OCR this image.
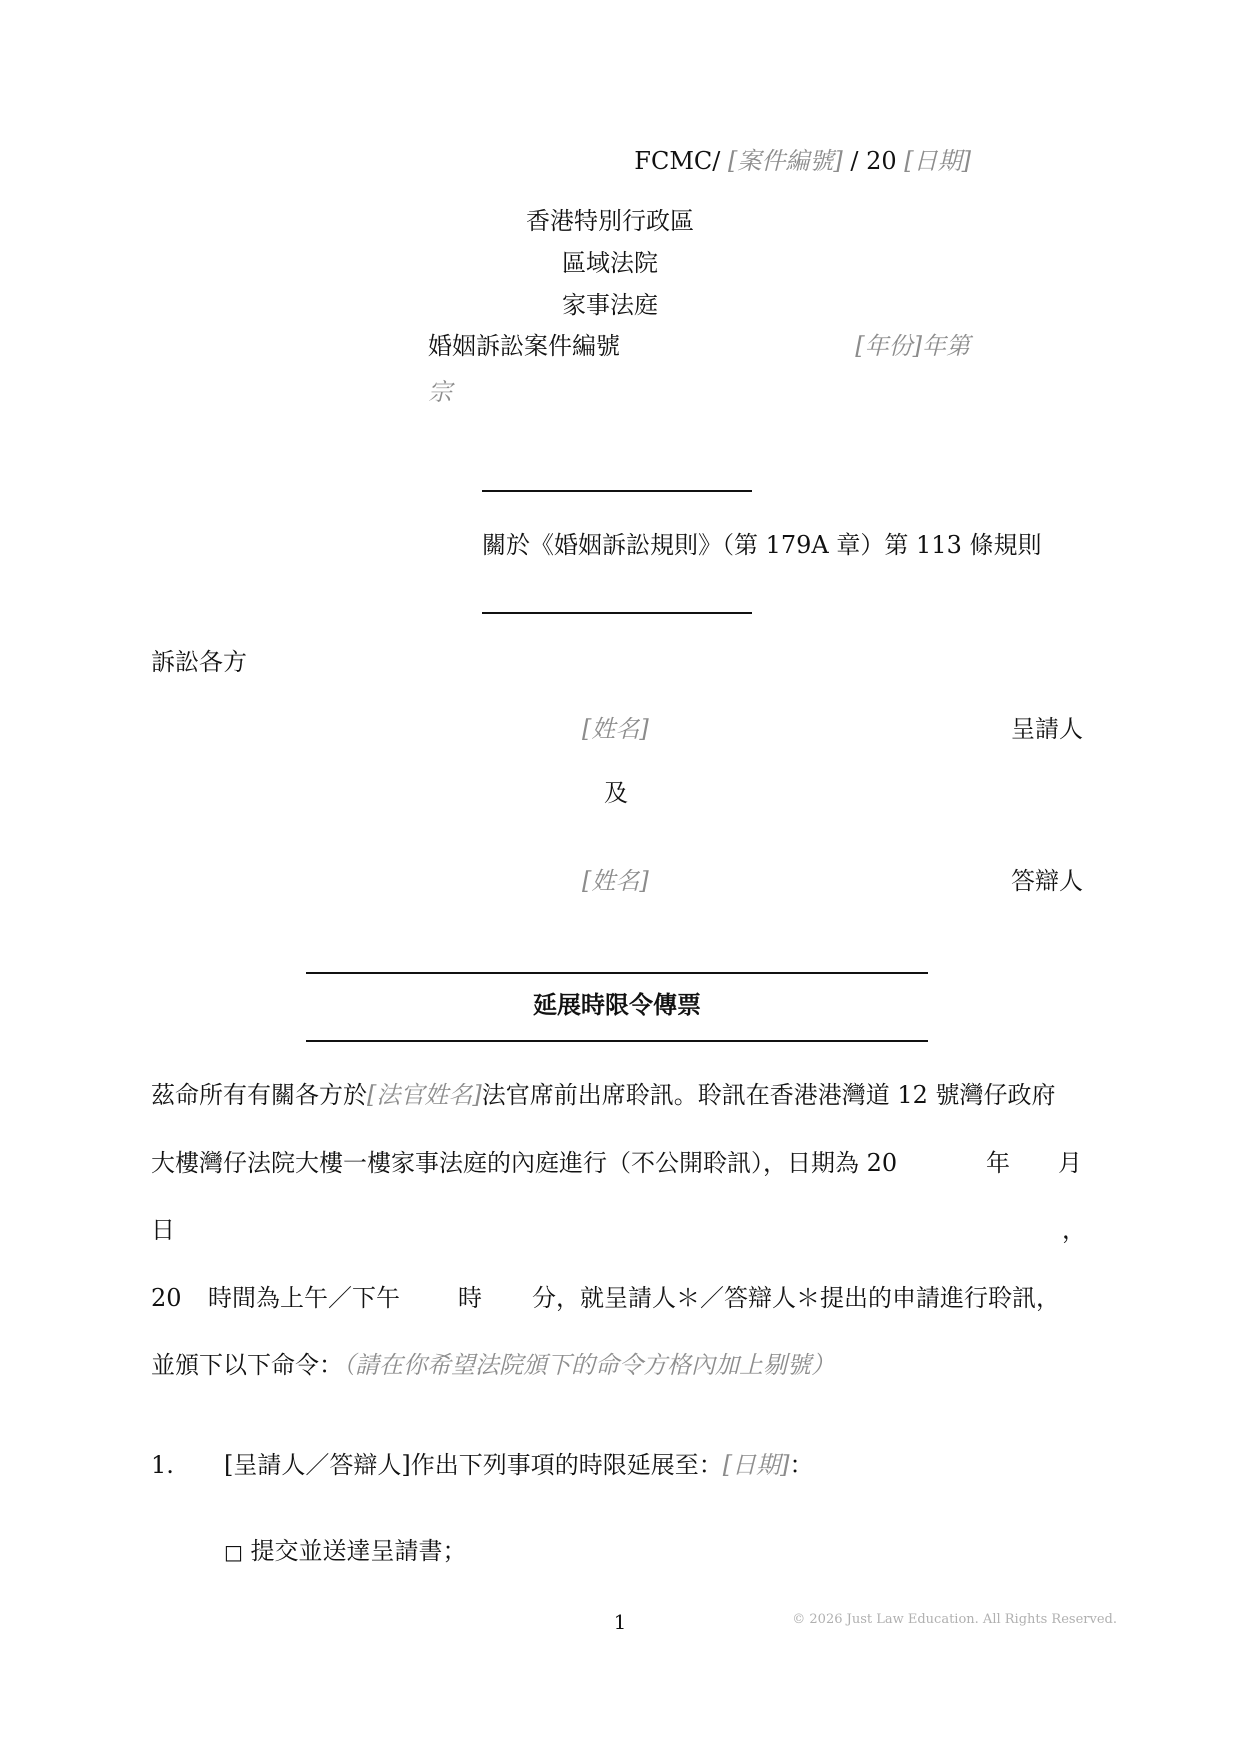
FCMC/ [案件編號] / 20 [日期]
香港特別行政區
區域法院
家事法庭
婚姻訴訟案件編號	[年份]年第
宗
關於《婚姻訴訟規則》（第 179A 章）第 113 條規則
訴訟各方
[姓名]	呈請人
及
[姓名]	答辯人
延展時限令傳票
茲命所有有關各方於[法官姓名]法官席前出席聆訊。聆訊在香港港灣道 12 號灣仔政府
大樓灣仔法院大樓一樓家事法庭的內庭進行（不公開聆訊），日期為 20	年 月
日	，
20 時間為上午／下午 時 分，就呈請人＊／答辯人＊提出的申請進行聆訊，
並頒下以下命令：（請在你希望法院頒下的命令方格內加上剔號）
1. [呈請人／答辯人]作出下列事項的時限延展至：[日期]：
□ 提交並送達呈請書；
1	© 2026 Just Law Education. All Rights Reserved.
